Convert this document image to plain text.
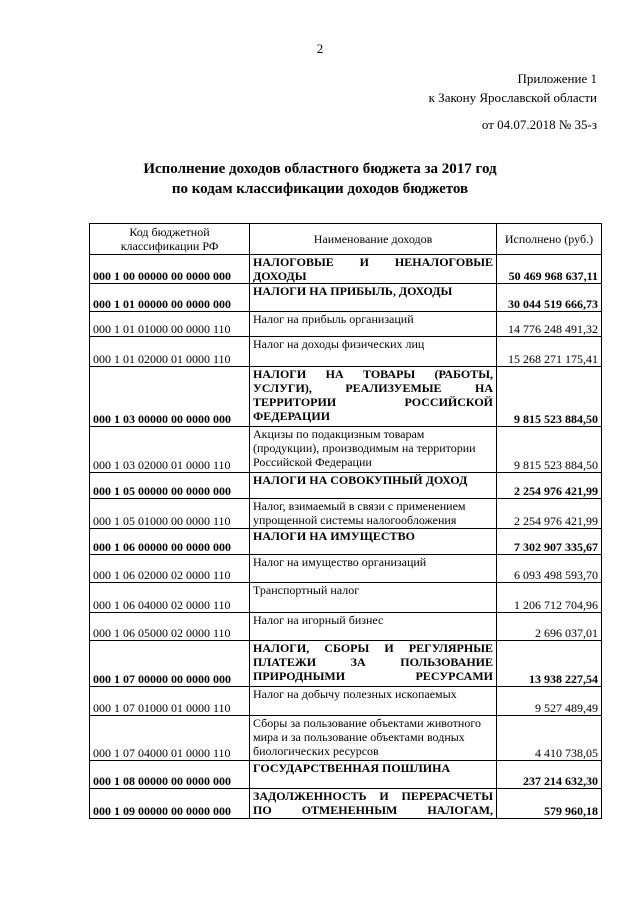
2
Приложение 1
к Закону Ярославской области
от 04.07.2018 № 35-з
Исполнение доходов областного бюджета за 2017 год
по кодам классификации доходов бюджетов
Код бюджетной классификации РФ	Наименование доходов	Исполнено (руб.)
000 1 00 00000 00 0000 000	НАЛОГОВЫЕ И НЕНАЛОГОВЫЕ ДОХОДЫ	50 469 968 637,11
000 1 01 00000 00 0000 000	НАЛОГИ НА ПРИБЫЛЬ, ДОХОДЫ	30 044 519 666,73
000 1 01 01000 00 0000 110	Налог на прибыль организаций	14 776 248 491,32
000 1 01 02000 01 0000 110	Налог на доходы физических лиц	15 268 271 175,41
000 1 03 00000 00 0000 000	НАЛОГИ НА ТОВАРЫ (РАБОТЫ, УСЛУГИ), РЕАЛИЗУЕМЫЕ НА ТЕРРИТОРИИ РОССИЙСКОЙ ФЕДЕРАЦИИ	9 815 523 884,50
000 1 03 02000 01 0000 110	Акцизы по подакцизным товарам (продукции), производимым на территории Российской Федерации	9 815 523 884,50
000 1 05 00000 00 0000 000	НАЛОГИ НА СОВОКУПНЫЙ ДОХОД	2 254 976 421,99
000 1 05 01000 00 0000 110	Налог, взимаемый в связи с применением упрощенной системы налогообложения	2 254 976 421,99
000 1 06 00000 00 0000 000	НАЛОГИ НА ИМУЩЕСТВО	7 302 907 335,67
000 1 06 02000 02 0000 110	Налог на имущество организаций	6 093 498 593,70
000 1 06 04000 02 0000 110	Транспортный налог	1 206 712 704,96
000 1 06 05000 02 0000 110	Налог на игорный бизнес	2 696 037,01
000 1 07 00000 00 0000 000	НАЛОГИ, СБОРЫ И РЕГУЛЯРНЫЕ ПЛАТЕЖИ ЗА ПОЛЬЗОВАНИЕ ПРИРОДНЫМИ РЕСУРСАМИ	13 938 227,54
000 1 07 01000 01 0000 110	Налог на добычу полезных ископаемых	9 527 489,49
000 1 07 04000 01 0000 110	Сборы за пользование объектами животного мира и за пользование объектами водных биологических ресурсов	4 410 738,05
000 1 08 00000 00 0000 000	ГОСУДАРСТВЕННАЯ ПОШЛИНА	237 214 632,30
000 1 09 00000 00 0000 000	ЗАДОЛЖЕННОСТЬ И ПЕРЕРАСЧЕТЫ ПО ОТМЕНЕННЫМ НАЛОГАМ,	579 960,18
